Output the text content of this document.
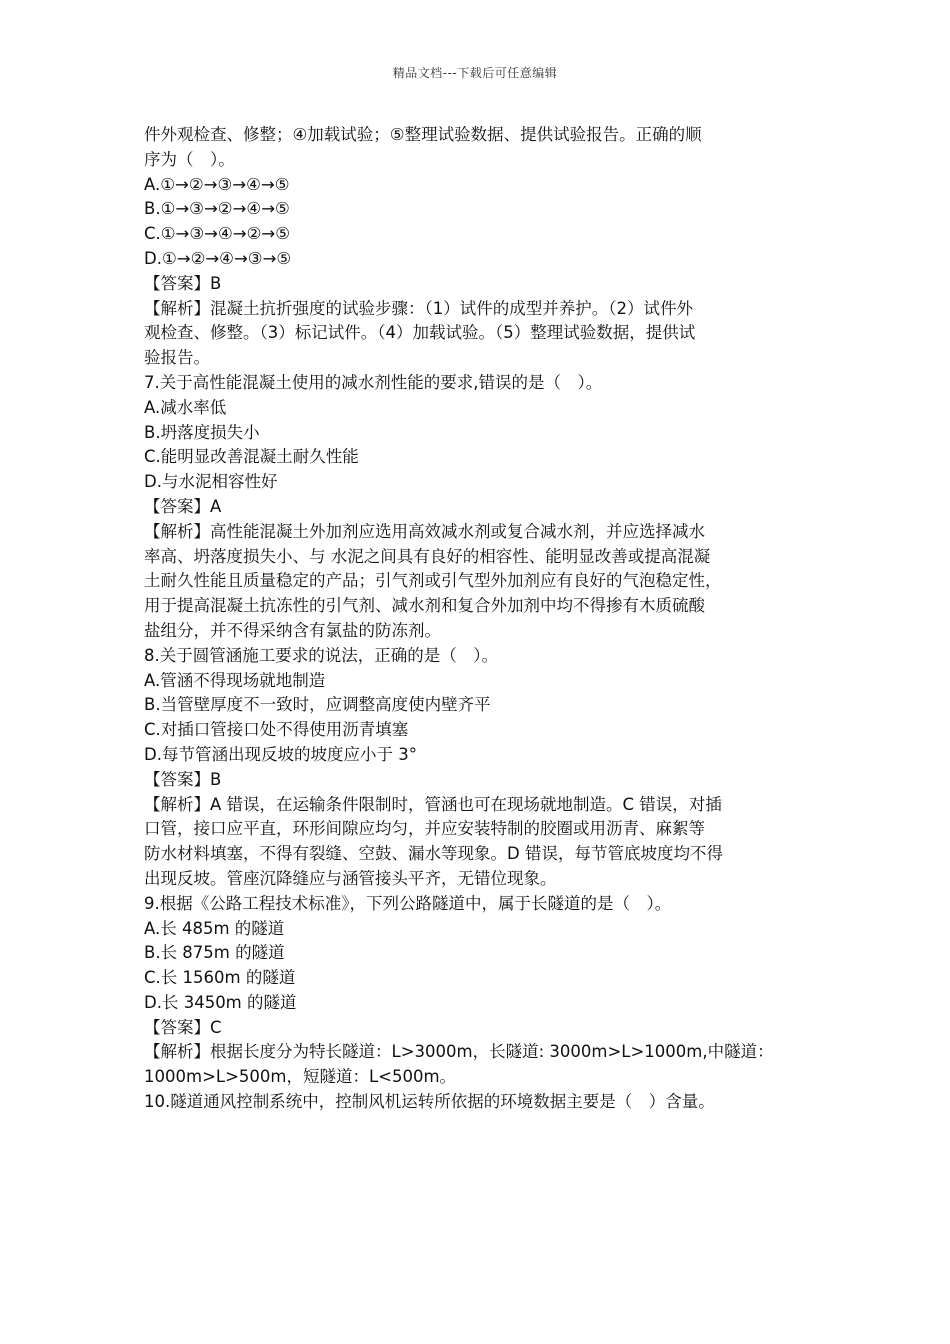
精品文档---下载后可任意编辑
件外观检查、修整；④加载试验；⑤整理试验数据、提供试验报告。正确的顺
序为（　）。
A.①→②→③→④→⑤
B.①→③→②→④→⑤
C.①→③→④→②→⑤
D.①→②→④→③→⑤
【答案】B
【解析】混凝土抗折强度的试验步骤：（1）试件的成型并养护。（2）试件外
观检查、修整。（3）标记试件。（4）加载试验。（5）整理试验数据，提供试
验报告。
7.关于高性能混凝土使用的减水剂性能的要求,错误的是（　）。
A.减水率低
B.坍落度损失小
C.能明显改善混凝土耐久性能
D.与水泥相容性好
【答案】A
【解析】高性能混凝土外加剂应选用高效减水剂或复合减水剂，并应选择减水
率高、坍落度损失小、与 水泥之间具有良好的相容性、能明显改善或提高混凝
土耐久性能且质量稳定的产品；引气剂或引气型外加剂应有良好的气泡稳定性，
用于提高混凝土抗冻性的引气剂、减水剂和复合外加剂中均不得掺有木质硫酸
盐组分，并不得采纳含有氯盐的防冻剂。
8.关于圆管涵施工要求的说法，正确的是（　）。
A.管涵不得现场就地制造
B.当管壁厚度不一致时，应调整高度使内壁齐平
C.对插口管接口处不得使用沥青填塞
D.每节管涵出现反坡的坡度应小于 3°
【答案】B
【解析】A 错误，在运输条件限制时，管涵也可在现场就地制造。C 错误，对插
口管，接口应平直，环形间隙应均匀，并应安装特制的胶圈或用沥青、麻絮等
防水材料填塞，不得有裂缝、空鼓、漏水等现象。D 错误，每节管底坡度均不得
出现反坡。管座沉降缝应与涵管接头平齐，无错位现象。
9.根据《公路工程技术标准》，下列公路隧道中，属于长隧道的是（　）。
A.长 485m 的隧道
B.长 875m 的隧道
C.长 1560m 的隧道
D.长 3450m 的隧道
【答案】C
【解析】根据长度分为特长隧道：L>3000m，长隧道: 3000m>L>1000m,中隧道：
1000m>L>500m，短隧道：L<500m。
10.隧道通风控制系统中，控制风机运转所依据的环境数据主要是（　）含量。
